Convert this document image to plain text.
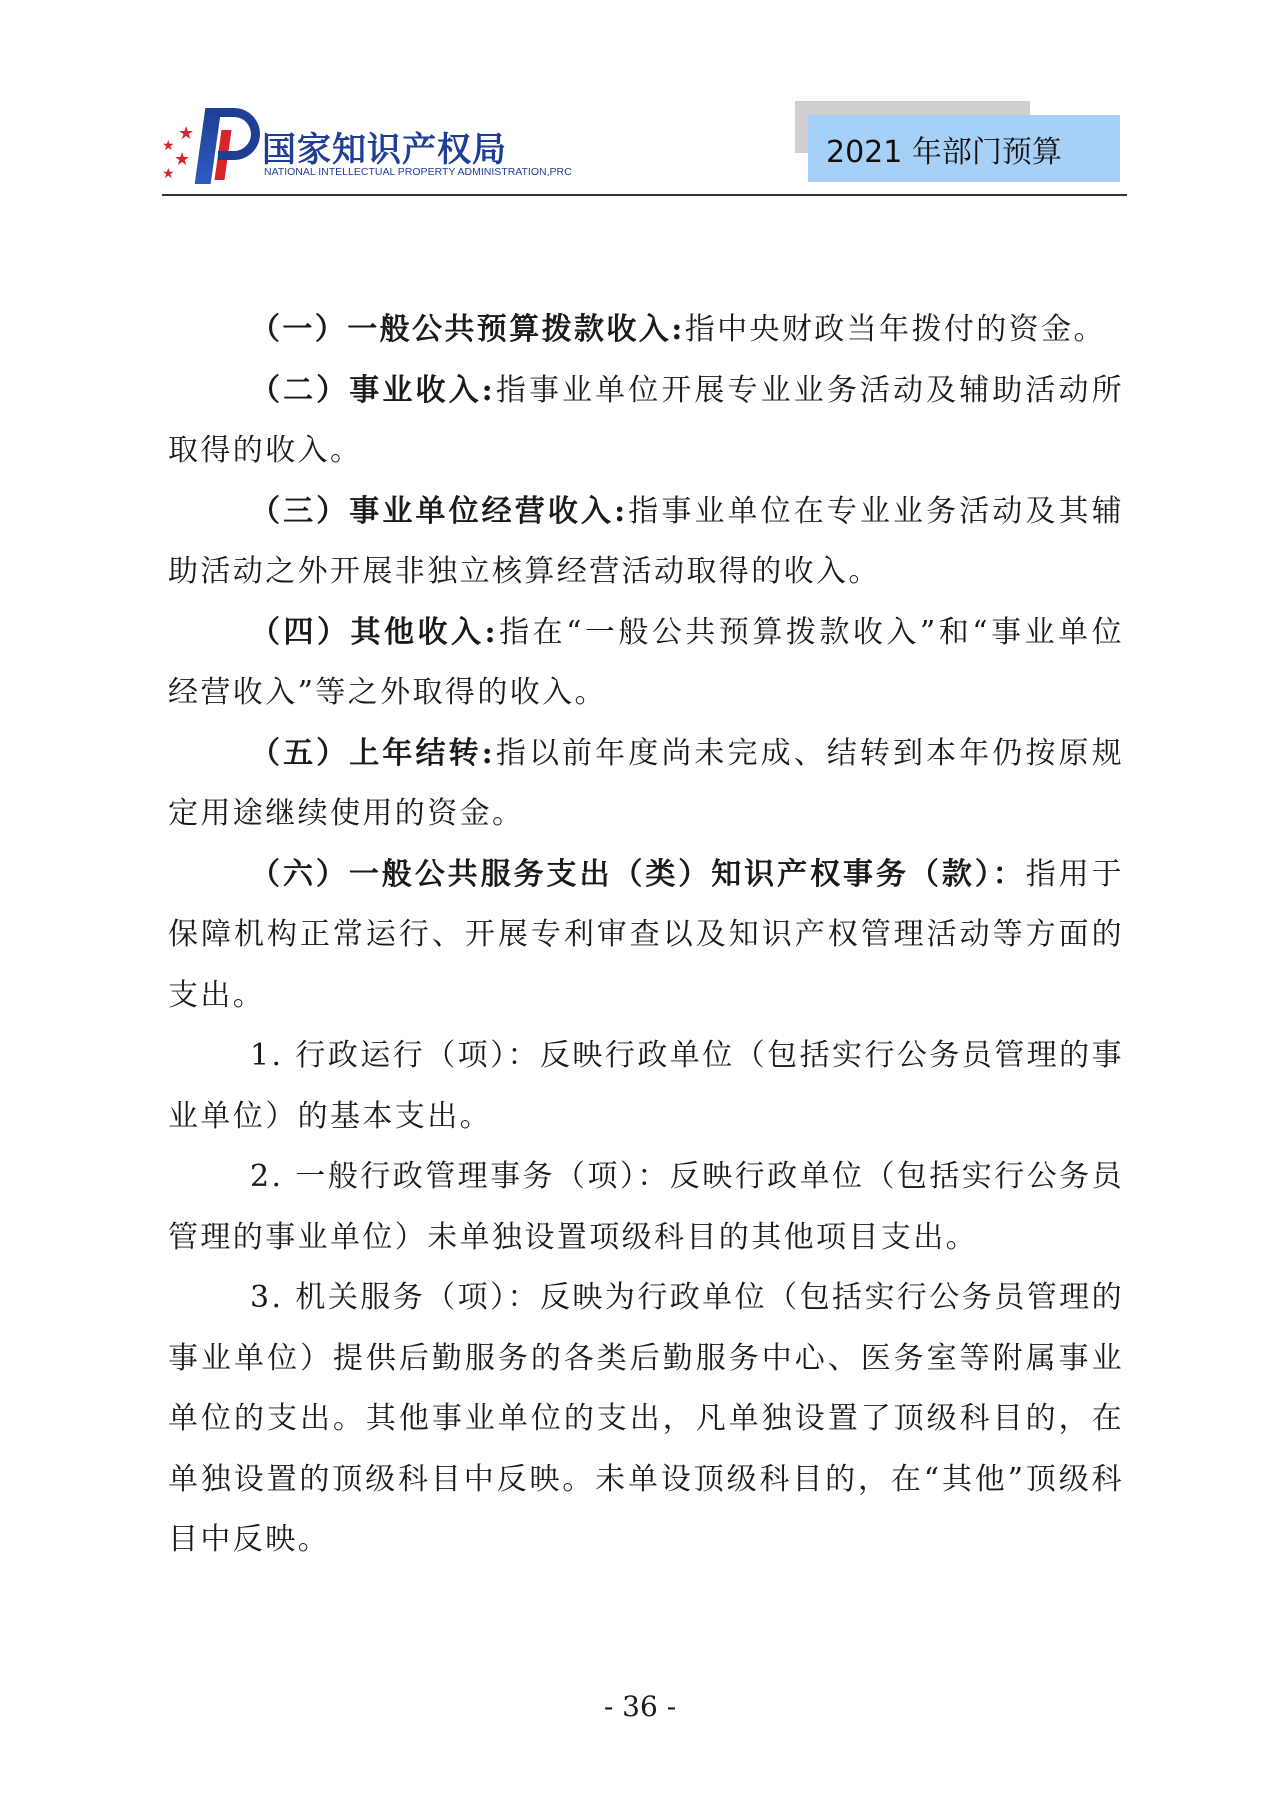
★
★
★
★
国家知识产权局
NATIONAL INTELLECTUAL PROPERTY ADMINISTRATION,PRC
2021 年部门预算

（一）一般公共预算拨款收入:指中央财政当年拨付的资金。

（二）事业收入:指事业单位开展专业业务活动及辅助活动所取得的收入。

（三）事业单位经营收入:指事业单位在专业业务活动及其辅助活动之外开展非独立核算经营活动取得的收入。

（四）其他收入:指在“一般公共预算拨款收入”和“事业单位经营收入”等之外取得的收入。

（五）上年结转:指以前年度尚未完成、结转到本年仍按原规定用途继续使用的资金。

（六）一般公共服务支出（类）知识产权事务（款）：指用于保障机构正常运行、开展专利审查以及知识产权管理活动等方面的支出。

1. 行政运行（项）：反映行政单位（包括实行公务员管理的事业单位）的基本支出。

2. 一般行政管理事务（项）：反映行政单位（包括实行公务员管理的事业单位）未单独设置项级科目的其他项目支出。

3. 机关服务（项）：反映为行政单位（包括实行公务员管理的事业单位）提供后勤服务的各类后勤服务中心、医务室等附属事业单位的支出。其他事业单位的支出，凡单独设置了顶级科目的，在单独设置的顶级科目中反映。未单设顶级科目的，在“其他”顶级科目中反映。

- 36 -
